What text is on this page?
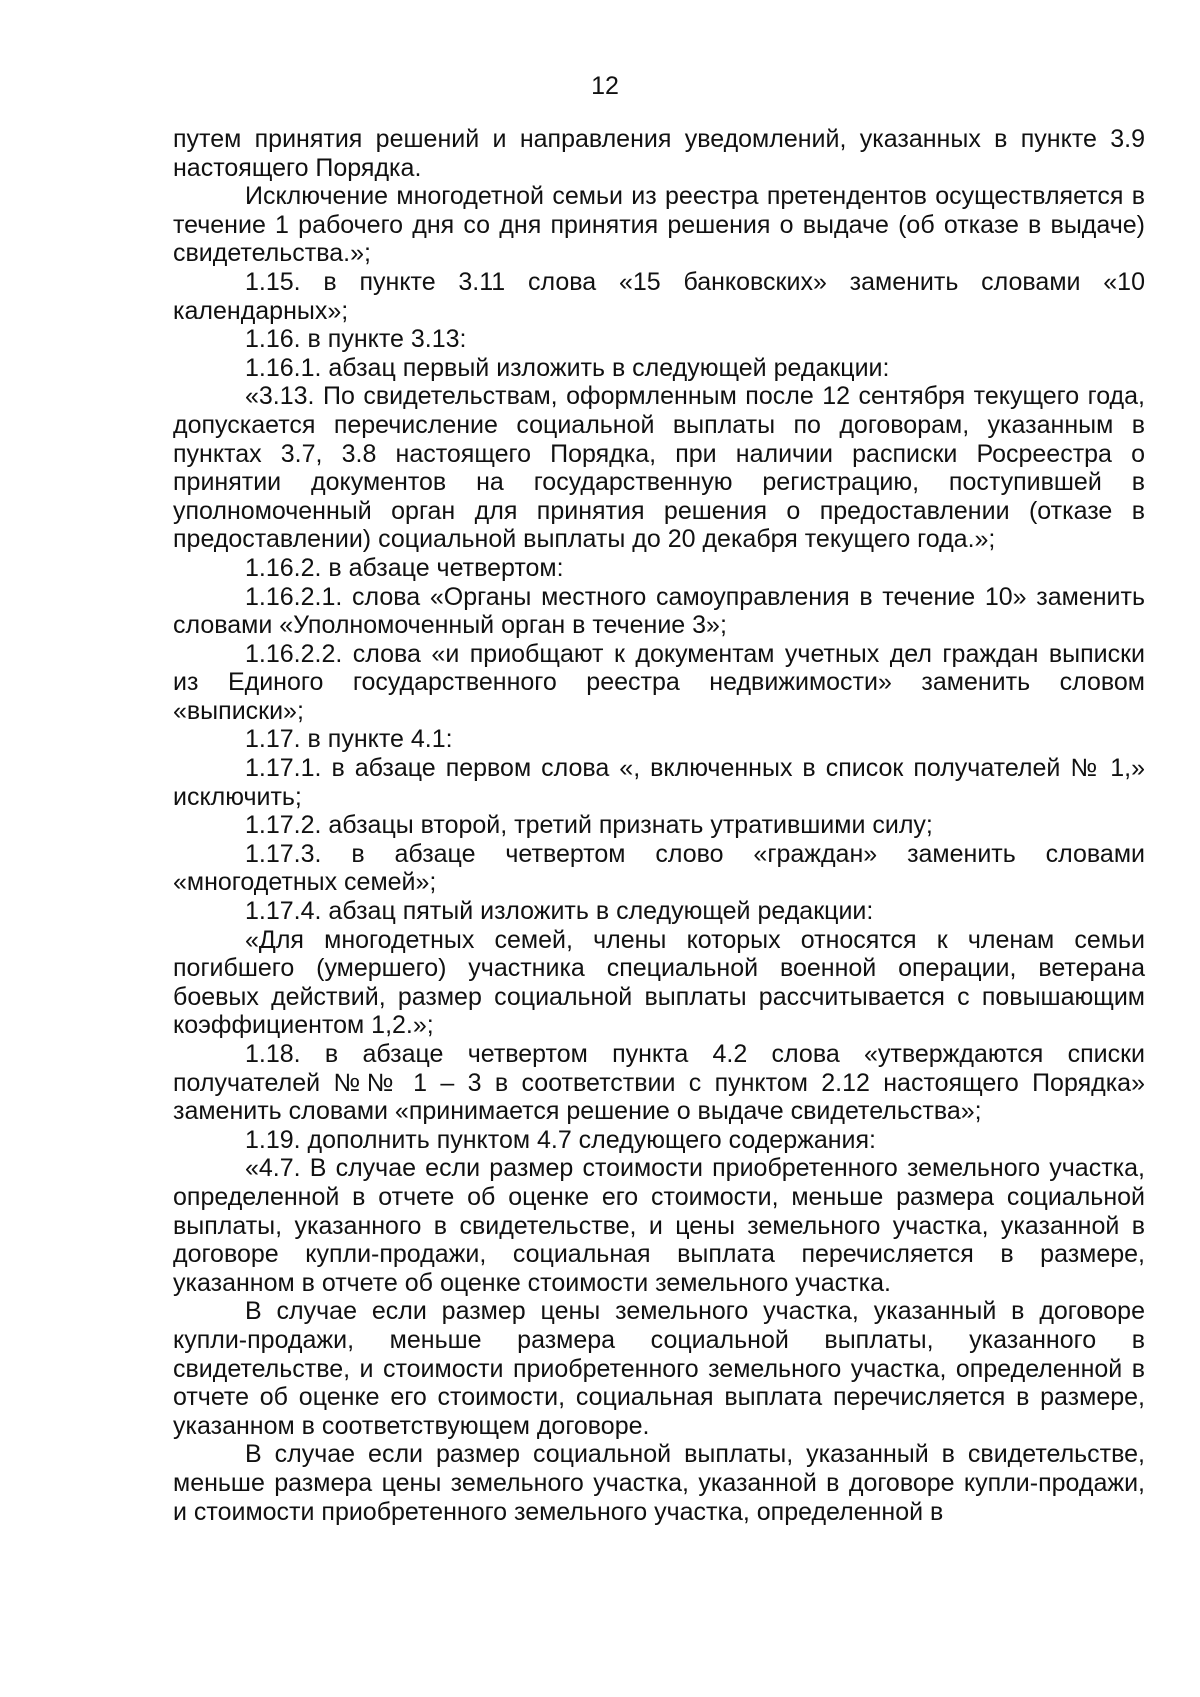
12

путем принятия решений и направления уведомлений, указанных в пункте 3.9 настоящего Порядка.

Исключение многодетной семьи из реестра претендентов осуществляется в течение 1 рабочего дня со дня принятия решения о выдаче (об отказе в выдаче) свидетельства.»;

1.15. в пункте 3.11 слова «15 банковских» заменить словами «10 календарных»;

1.16. в пункте 3.13:

1.16.1. абзац первый изложить в следующей редакции:

«3.13. По свидетельствам, оформленным после 12 сентября текущего года, допускается перечисление социальной выплаты по договорам, указанным в пунктах 3.7, 3.8 настоящего Порядка, при наличии расписки Росреестра о принятии документов на государственную регистрацию, поступившей в уполномоченный орган для принятия решения о предоставлении (отказе в предоставлении) социальной выплаты до 20 декабря текущего года.»;

1.16.2. в абзаце четвертом:

1.16.2.1. слова «Органы местного самоуправления в течение 10» заменить словами «Уполномоченный орган в течение 3»;

1.16.2.2. слова «и приобщают к документам учетных дел граждан выписки из Единого государственного реестра недвижимости» заменить словом «выписки»;

1.17. в пункте 4.1:

1.17.1. в абзаце первом слова «, включенных в список получателей № 1,» исключить;

1.17.2. абзацы второй, третий признать утратившими силу;

1.17.3. в абзаце четвертом слово «граждан» заменить словами «многодетных семей»;

1.17.4. абзац пятый изложить в следующей редакции:

«Для многодетных семей, члены которых относятся к членам семьи погибшего (умершего) участника специальной военной операции, ветерана боевых действий, размер социальной выплаты рассчитывается с повышающим коэффициентом 1,2.»;

1.18. в абзаце четвертом пункта 4.2 слова «утверждаются списки получателей №№ 1 – 3 в соответствии с пунктом 2.12 настоящего Порядка» заменить словами «принимается решение о выдаче свидетельства»;

1.19. дополнить пунктом 4.7 следующего содержания:

«4.7. В случае если размер стоимости приобретенного земельного участка, определенной в отчете об оценке его стоимости, меньше размера социальной выплаты, указанного в свидетельстве, и цены земельного участка, указанной в договоре купли-продажи, социальная выплата перечисляется в размере, указанном в отчете об оценке стоимости земельного участка.

В случае если размер цены земельного участка, указанный в договоре купли-продажи, меньше размера социальной выплаты, указанного в свидетельстве, и стоимости приобретенного земельного участка, определенной в отчете об оценке его стоимости, социальная выплата перечисляется в размере, указанном в соответствующем договоре.

В случае если размер социальной выплаты, указанный в свидетельстве, меньше размера цены земельного участка, указанной в договоре купли-продажи, и стоимости приобретенного земельного участка, определенной в
